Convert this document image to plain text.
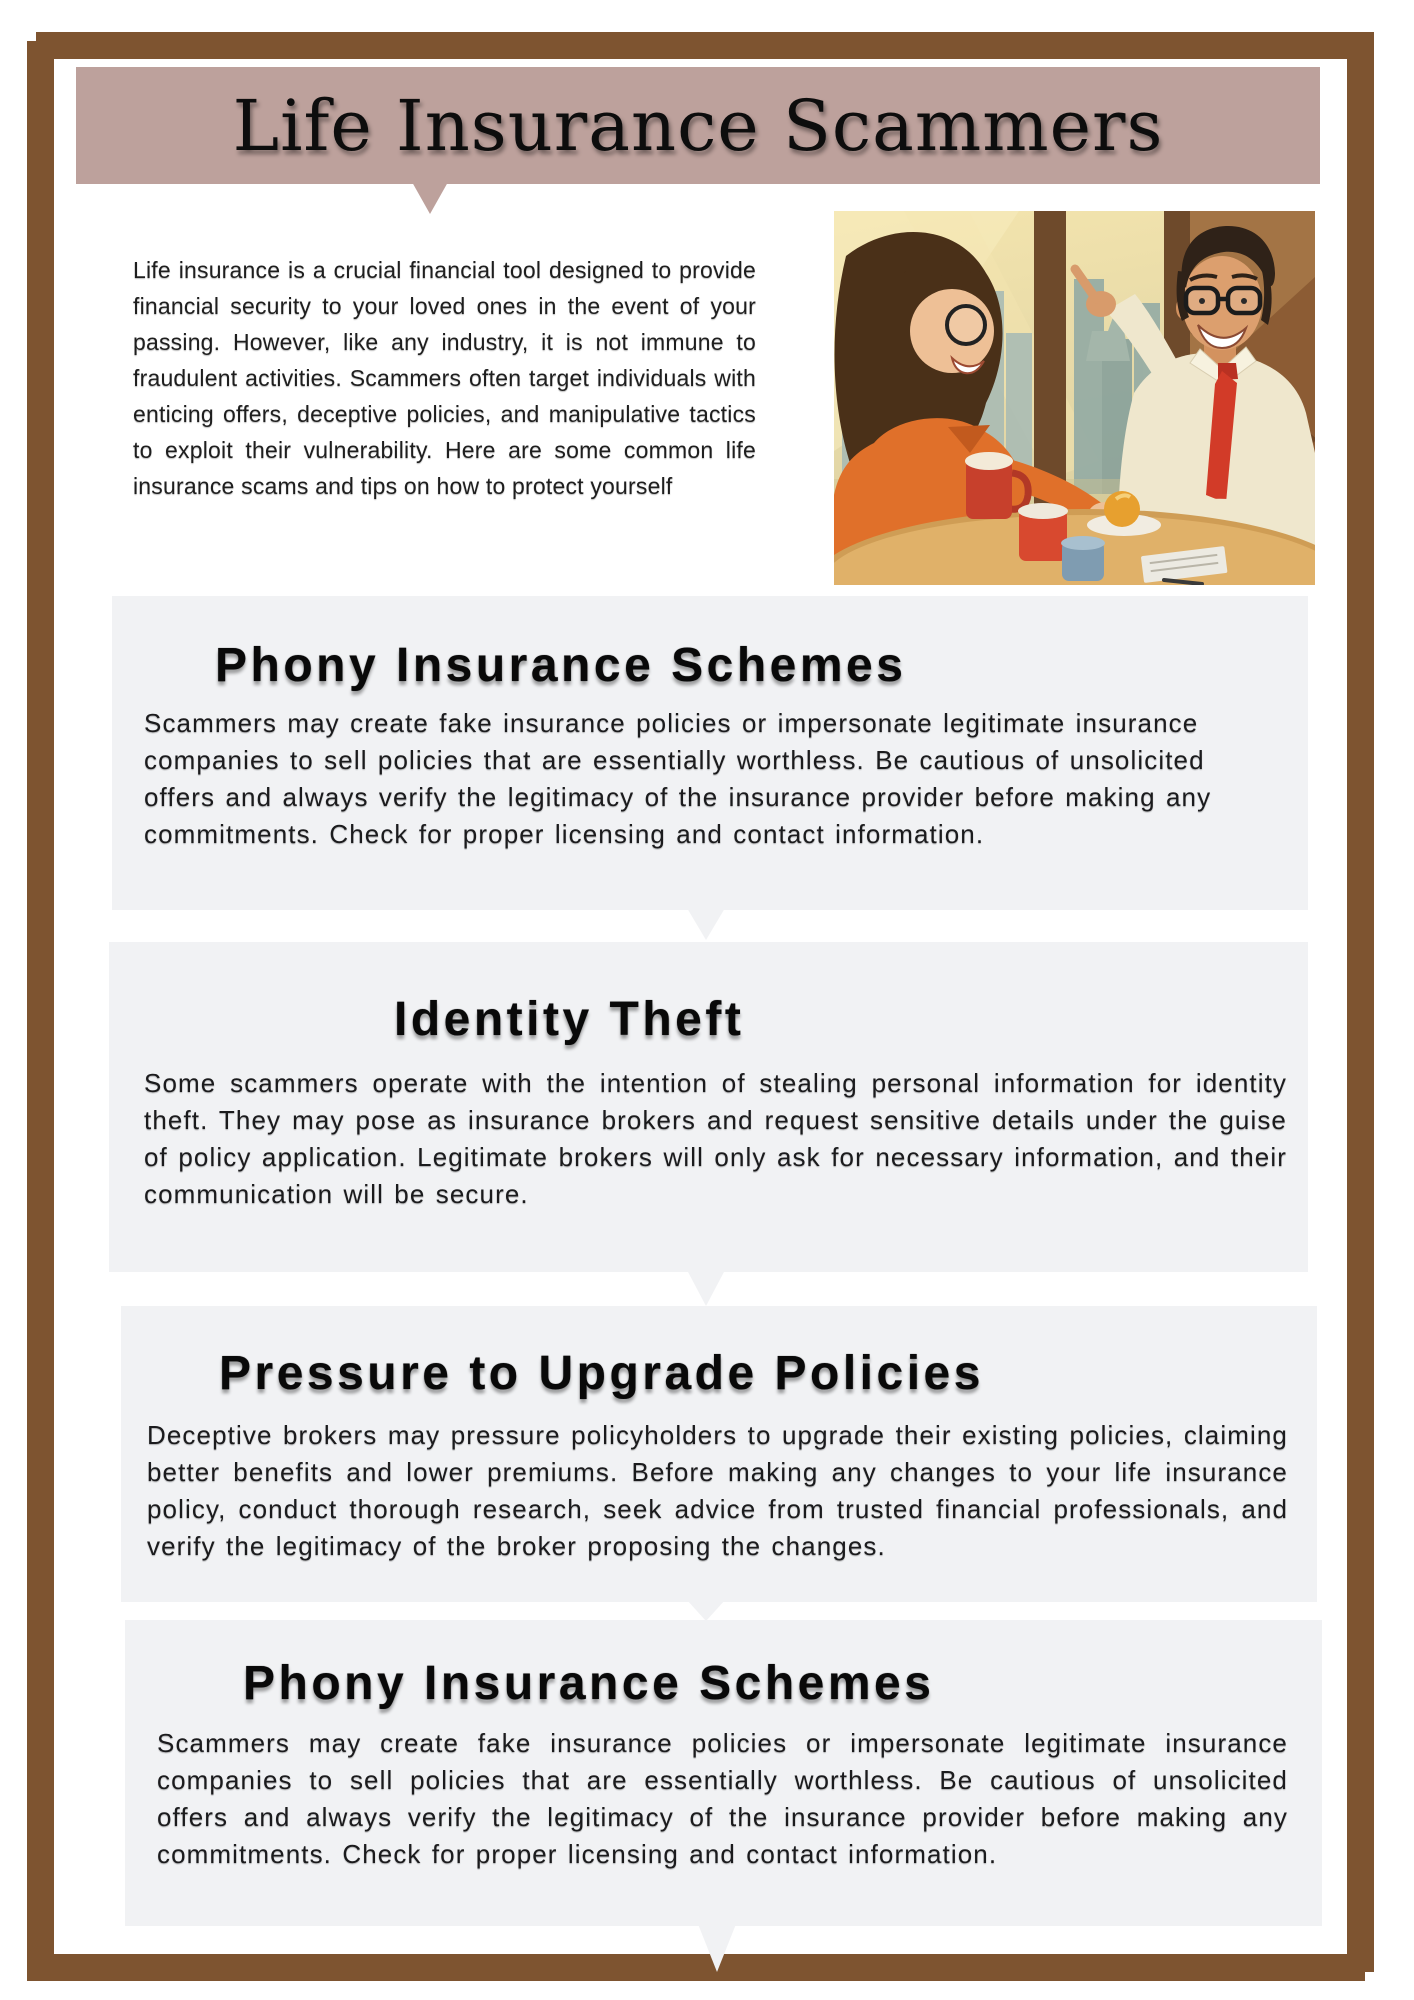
Life Insurance Scammers

Life insurance is a crucial financial tool designed to provide financial security to your loved ones in the event of your passing. However, like any industry, it is not immune to fraudulent activities. Scammers often target individuals with enticing offers, deceptive policies, and manipulative tactics to exploit their vulnerability. Here are some common life insurance scams and tips on how to protect yourself

Phony Insurance Schemes

Scammers may create fake insurance policies or impersonate legitimate insurance companies to sell policies that are essentially worthless. Be cautious of unsolicited offers and always verify the legitimacy of the insurance provider before making any commitments. Check for proper licensing and contact information.

Identity Theft

Some scammers operate with the intention of stealing personal information for identity theft. They may pose as insurance brokers and request sensitive details under the guise of policy application. Legitimate brokers will only ask for necessary information, and their communication will be secure.

Pressure to Upgrade Policies

Deceptive brokers may pressure policyholders to upgrade their existing policies, claiming better benefits and lower premiums. Before making any changes to your life insurance policy, conduct thorough research, seek advice from trusted financial professionals, and verify the legitimacy of the broker proposing the changes.

Phony Insurance Schemes

Scammers may create fake insurance policies or impersonate legitimate insurance companies to sell policies that are essentially worthless. Be cautious of unsolicited offers and always verify the legitimacy of the insurance provider before making any commitments. Check for proper licensing and contact information.
